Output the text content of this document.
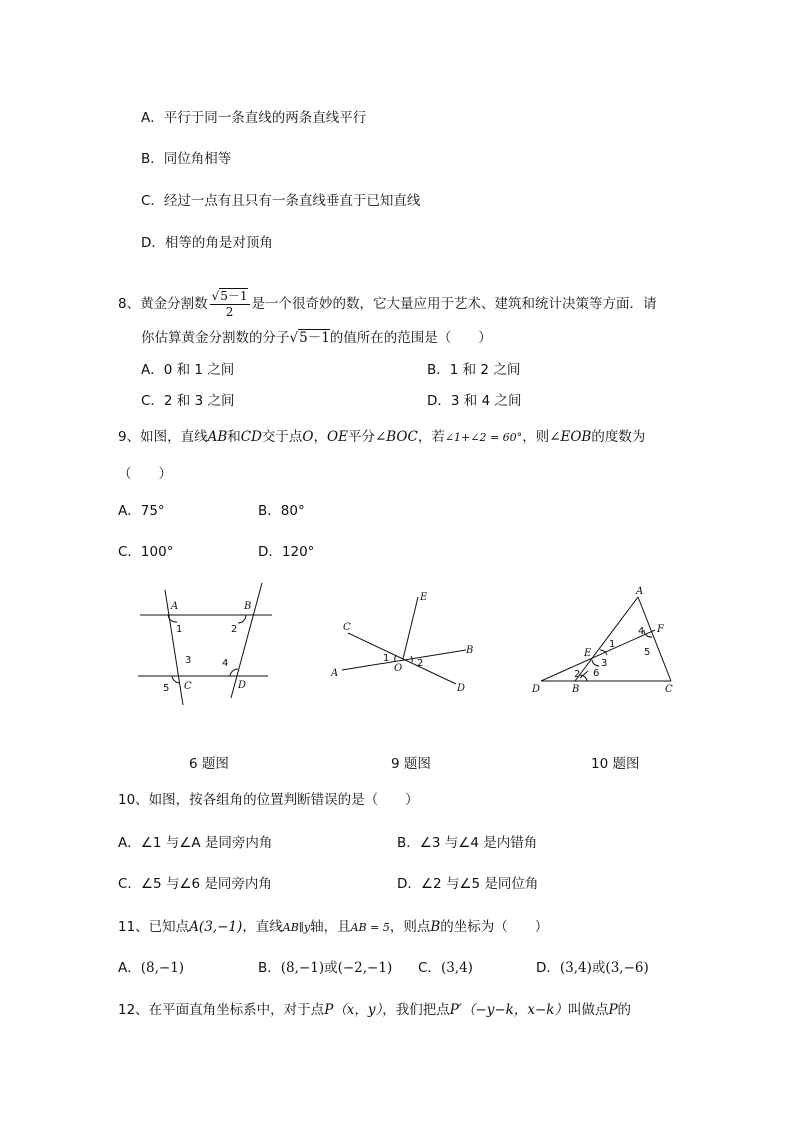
A．平行于同一条直线的两条直线平行
B．同位角相等
C．经过一点有且只有一条直线垂直于已知直线
D．相等的角是对顶角
8、黄金分割数 $\frac{√5-1}{2}$ 是一个很奇妙的数，它大量应用于艺术、建筑和统计决策等方面．请
你估算黄金分割数的分子√5－1的值所在的范围是（　　）
A．0 和 1 之间	B．1 和 2 之间
C．2 和 3 之间	D．3 和 4 之间
9、如图，直线AB和CD交于点O，OE平分∠BOC，若∠1+∠2 = 60°，则∠EOB的度数为
（　　）
A．75°	B．80°
C．100°	D．120°
A	B
C	D
1	2
3	4
5
C
E
B
A	O
D
1	2
A
F
E
D	B	C
1
4
5
3
6
2
6 题图	9 题图	10 题图
10、如图，按各组角的位置判断错误的是（　　）
A．∠1 与∠A 是同旁内角	B．∠3 与∠4 是内错角
C．∠5 与∠6 是同旁内角	D．∠2 与∠5 是同位角
11、已知点A(3,−1)，直线AB∥y轴，且AB = 5，则点B的坐标为（　　）
A．(8,−1)	B．(8,−1)或(−2,−1) C．(3,4)	D．(3,4)或(3,−6)
12、在平面直角坐标系中，对于点P（x，y），我们把点P′（−y−k，x−k）叫做点P的
